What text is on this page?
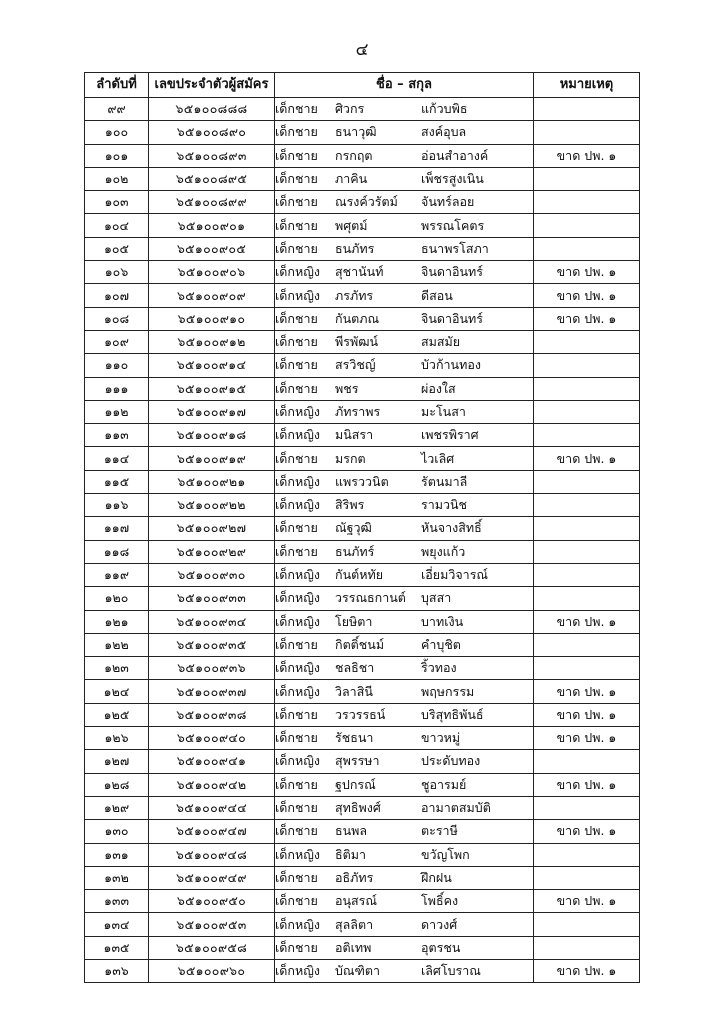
๔
ลำดับที่	เลขประจำตัวผู้สมัคร	ชื่อ – สกุล	หมายเหตุ
๙๙	๖๕๑๐๐๘๘๘	เด็กชาย ศิวกร แก้วบพิธ	
๑๐๐	๖๕๑๐๐๘๙๐	เด็กชาย ธนาวุฒิ สงค์อุบล	
๑๐๑	๖๕๑๐๐๘๙๓	เด็กชาย กรกฤต อ่อนสำอางค์	ขาด ปพ. ๑
๑๐๒	๖๕๑๐๐๘๙๕	เด็กชาย ภาคิน เพ็ชรสูงเนิน	
๑๐๓	๖๕๑๐๐๘๙๙	เด็กชาย ณรงค์วรัตม์ จันทร์ลอย	
๑๐๔	๖๕๑๐๐๙๐๑	เด็กชาย พศุตม์ พรรณโคตร	
๑๐๕	๖๕๑๐๐๙๐๕	เด็กชาย ธนภัทร ธนาพรโสภา	
๑๐๖	๖๕๑๐๐๙๐๖	เด็กหญิง สุชานันท์ จินดาอินทร์	ขาด ปพ. ๑
๑๐๗	๖๕๑๐๐๙๐๙	เด็กหญิง ภรภัทร ดีสอน	ขาด ปพ. ๑
๑๐๘	๖๕๑๐๐๙๑๐	เด็กชาย กันตภณ จินดาอินทร์	ขาด ปพ. ๑
๑๐๙	๖๕๑๐๐๙๑๒	เด็กชาย พีรพัฒน์ สมสมัย	
๑๑๐	๖๕๑๐๐๙๑๔	เด็กชาย สรวิชญ์ บัวก้านทอง	
๑๑๑	๖๕๑๐๐๙๑๕	เด็กชาย พชร ผ่องใส	
๑๑๒	๖๕๑๐๐๙๑๗	เด็กหญิง ภัทราพร มะโนสา	
๑๑๓	๖๕๑๐๐๙๑๘	เด็กหญิง มนิสรา เพชรพิราศ	
๑๑๔	๖๕๑๐๐๙๑๙	เด็กชาย มรกต ไวเลิศ	ขาด ปพ. ๑
๑๑๕	๖๕๑๐๐๙๒๑	เด็กหญิง แพรววนิต รัตนมาลี	
๑๑๖	๖๕๑๐๐๙๒๒	เด็กหญิง สิริพร รามวนิช	
๑๑๗	๖๕๑๐๐๙๒๗	เด็กชาย ณัฐวุฒิ หันจางสิทธิ์	
๑๑๘	๖๕๑๐๐๙๒๙	เด็กชาย ธนภัทร์ พยุงแก้ว	
๑๑๙	๖๕๑๐๐๙๓๐	เด็กหญิง กันต์หทัย เอี่ยมวิจารณ์	
๑๒๐	๖๕๑๐๐๙๓๓	เด็กหญิง วรรณธกานต์ บุสสา	
๑๒๑	๖๕๑๐๐๙๓๔	เด็กหญิง โยษิตา บาทเงิน	ขาด ปพ. ๑
๑๒๒	๖๕๑๐๐๙๓๕	เด็กชาย กิตติ์ชนม์ คำบุชิต	
๑๒๓	๖๕๑๐๐๙๓๖	เด็กหญิง ชลธิชา ริ้วทอง	
๑๒๔	๖๕๑๐๐๙๓๗	เด็กหญิง วิลาสินี พฤษกรรม	ขาด ปพ. ๑
๑๒๕	๖๕๑๐๐๙๓๘	เด็กชาย วรวรรธน์ บริสุทธิพันธ์	ขาด ปพ. ๑
๑๒๖	๖๕๑๐๐๙๔๐	เด็กชาย รัชธนา ขาวหมู่	ขาด ปพ. ๑
๑๒๗	๖๕๑๐๐๙๔๑	เด็กหญิง สุพรรษา ประดับทอง	
๑๒๘	๖๕๑๐๐๙๔๒	เด็กชาย ฐปกรณ์ ชูอารมย์	ขาด ปพ. ๑
๑๒๙	๖๕๑๐๐๙๔๔	เด็กชาย สุทธิพงศ์ อามาตสมบัติ	
๑๓๐	๖๕๑๐๐๙๔๗	เด็กชาย ธนพล ตะราษี	ขาด ปพ. ๑
๑๓๑	๖๕๑๐๐๙๔๘	เด็กหญิง ธิติมา ขวัญโพก	
๑๓๒	๖๕๑๐๐๙๔๙	เด็กชาย อธิภัทร ฝึกฝน	
๑๓๓	๖๕๑๐๐๙๕๐	เด็กชาย อนุสรณ์ โพธิ์คง	ขาด ปพ. ๑
๑๓๔	๖๕๑๐๐๙๕๓	เด็กหญิง สุลลิตา ดาวงศ์	
๑๓๕	๖๕๑๐๐๙๕๘	เด็กชาย อติเทพ อุตรชน	
๑๓๖	๖๕๑๐๐๙๖๐	เด็กหญิง บัณฑิตา เลิศโบราณ	ขาด ปพ. ๑
